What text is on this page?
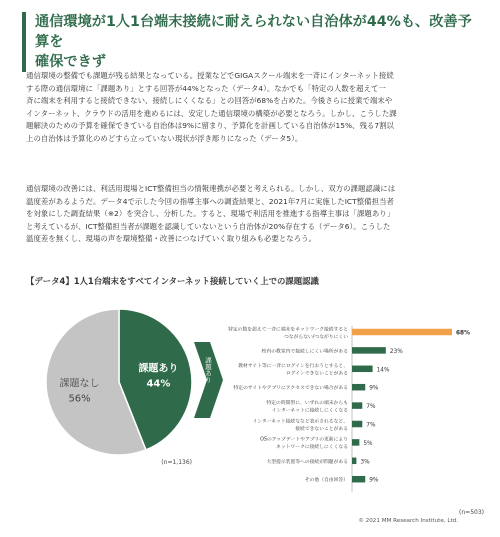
通信環境が1人1台端末接続に耐えられない自治体が44%も、改善予算を
確保できず
通信環境の整備でも課題が残る結果となっている。授業などでGIGAスクール端末を一斉にインターネット接続
する際の通信環境に「課題あり」とする回答が44%となった（データ4）。なかでも「特定の人数を超えて一
斉に端末を利用すると接続できない、接続しにくくなる」との回答が68%を占めた。今後さらに授業で端末や
インターネット、クラウドの活用を進めるには、安定した通信環境の構築が必要となろう。しかし、こうした課
題解決のための予算を確保できている自治体は9%に留まり、予算化を計画している自治体が15%、残る7割以
上の自治体は予算化のめどすら立っていない現状が浮き彫りになった（データ5）。
通信環境の改善には、利活用現場とICT整備担当の情報連携が必要と考えられる。しかし、双方の課題認識には
温度差があるようだ。データ4で示した今回の指導主事への調査結果と、2021年7月に実施したICT整備担当者
を対象にした調査結果（※2）を突合し、分析した。すると、現場で利活用を推進する指導主事は「課題あり」
と考えているが、ICT整備担当者が課題を認識していないという自治体が20%存在する（データ6）。こうした
温度差を無くし、現場の声を環境整備・改善につなげていく取り組みも必要となろう。
【データ4】1人1台端末をすべてインターネット接続していく上での課題認識
課題あり
44%
課題なし
56%
(n=1,136)
課題あり
特定の数を超えて一斉に端末をネットワーク接続すると
つながらない/つながりにくい
68%
校内の教室内で接続しにくい場所がある	23%
教材サイト等に一斉にログインを行おうとすると、
ログインできないことがある
14%
特定のサイトやアプリにアクセスできない場合がある	9%
特定の時間帯に、いずれの端末からも
インターネットに接続しにくくなる
7%
インターネット接続ななど表示されるなど、
接続できないことがある
7%
OSのアップデートやアプリの更新により
ネットワークに接続しにくくなる
5%
大型提示装置等への接続が問題がある 3%
その他（自由回答）	9%
(n=503)
© 2021 MM Research Institute, Ltd.
